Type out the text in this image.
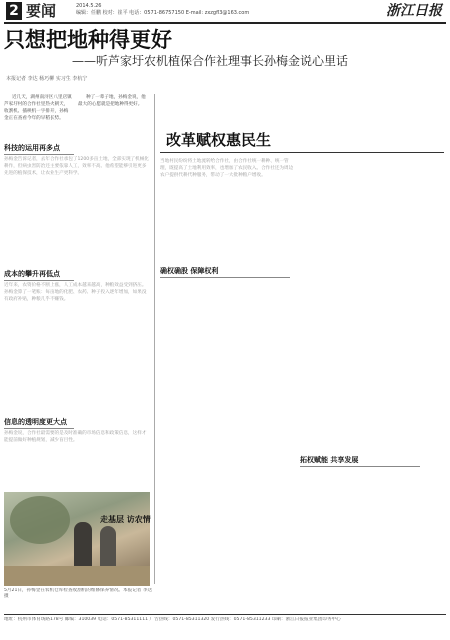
2 要闻	2014.5.26
编辑：任鹏 校对：崔平 电话：0571-86757150 E-mail: zxzgfl3@163.com	浙江日报
只想把地种得更好
——听芦家圩农机植保合作社理事长孙梅金说心里话
本报记者 李达 杨巧柳 实习生 李杭宁

近几天，湖州南浔区八里店镇芦家圩村的合作社里热火朝天，收割机、插秧机一字排开，孙梅金正在查看今年的早稻长势。

种了一辈子地，孙梅金说，他最大的心愿就是把地种得更好。

科技的运用再多点
孙梅金告诉记者，去年合作社承包了1200多亩土地，全部实现了机械化耕作，但病虫害防治还主要依靠人工，效率不高。他希望能够引进更多先进的植保技术，让农业生产更科学。
成本的攀升再低点
近年来，农资价格不断上涨，人工成本越来越高，种粮效益受到挤压。孙梅金算了一笔账：每亩地的化肥、农药、种子投入逐年增加，如果没有政府补贴，种粮几乎不赚钱。
信息的透明度更大点
孙梅金说，合作社最需要的是及时准确的市场信息和政策信息，这样才能提前做好种植规划，减少盲目性。
改革赋权惠民生
当地村民纷纷将土地流转给合作社，由合作社统一耕种、统一管理，既提高了土地利用效率，也增加了农民收入。合作社还为周边农户提供代耕代种服务，带动了一大批种粮户增收。
确权确股 保障权利
拓权赋能 共享发展
走基层 访农情
5月21日，孙梅金在农机仓库检查收割机的维修保养情况。本报记者 李达 摄
地址：杭州市体育场路178号 邮编：310039 电话：0571-85311111 广告热线：0571-85311320 发行热线：0571-85311233 印刷：浙江日报报业集团印务中心
